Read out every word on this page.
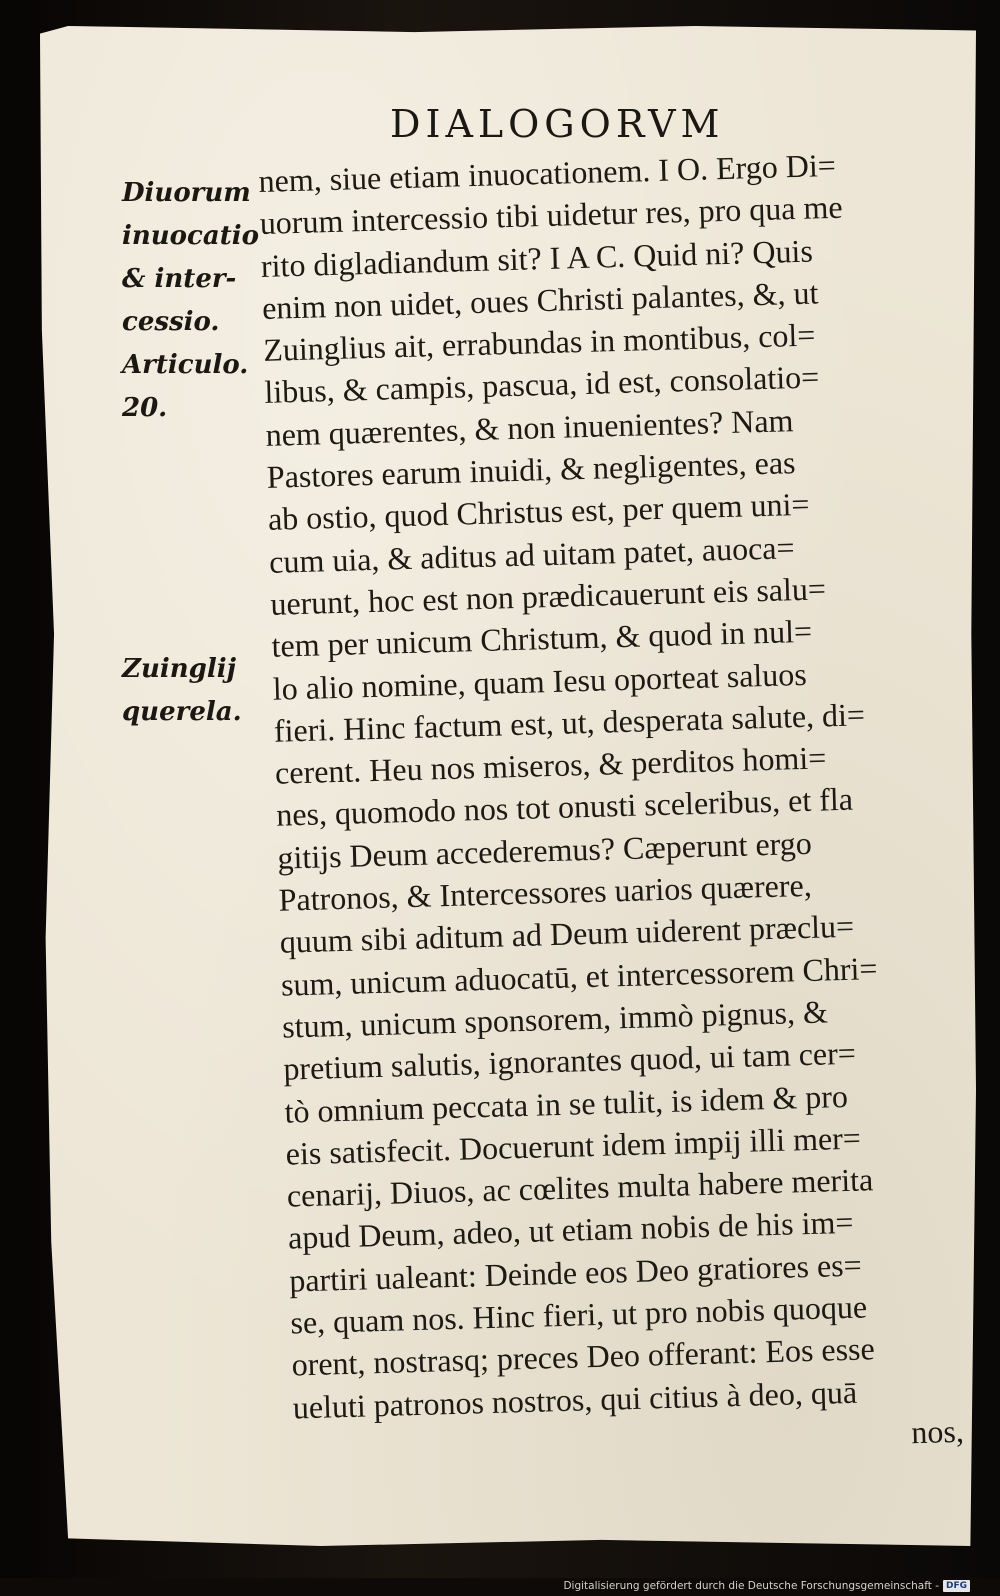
DIALOGORVM
Diuorum
inuocatio
& inter-
cessio.
Articulo.
20.
Zuinglij
querela.
nem, siue etiam inuocationem. I O. Ergo Di=
uorum intercessio tibi uidetur res, pro qua me
rito digladiandum sit? I A C. Quid ni? Quis
enim non uidet, oues Christi palantes, &, ut
Zuinglius ait, errabundas in montibus, col=
libus, & campis, pascua, id est, consolatio=
nem quærentes, & non inuenientes? Nam
Pastores earum inuidi, & negligentes, eas
ab ostio, quod Christus est, per quem uni=
cum uia, & aditus ad uitam patet, auoca=
uerunt, hoc est non prædicauerunt eis salu=
tem per unicum Christum, & quod in nul=
lo alio nomine, quam Iesu oporteat saluos
fieri. Hinc factum est, ut, desperata salute, di=
cerent. Heu nos miseros, & perditos homi=
nes, quomodo nos tot onusti sceleribus, et fla
gitijs Deum accederemus? Cæperunt ergo
Patronos, & Intercessores uarios quærere,
quum sibi aditum ad Deum uiderent præclu=
sum, unicum aduocatū, et intercessorem Chri=
stum, unicum sponsorem, immò pignus, &
pretium salutis, ignorantes quod, ui tam cer=
tò omnium peccata in se tulit, is idem & pro
eis satisfecit. Docuerunt idem impij illi mer=
cenarij, Diuos, ac cœlites multa habere merita
apud Deum, adeo, ut etiam nobis de his im=
partiri ualeant: Deinde eos Deo gratiores es=
se, quam nos. Hinc fieri, ut pro nobis quoque
orent, nostrasq; preces Deo offerant: Eos esse
ueluti patronos nostros, qui citius à deo, quā
nos,
Digitalisierung gefördert durch die Deutsche Forschungsgemeinschaft - DFG
